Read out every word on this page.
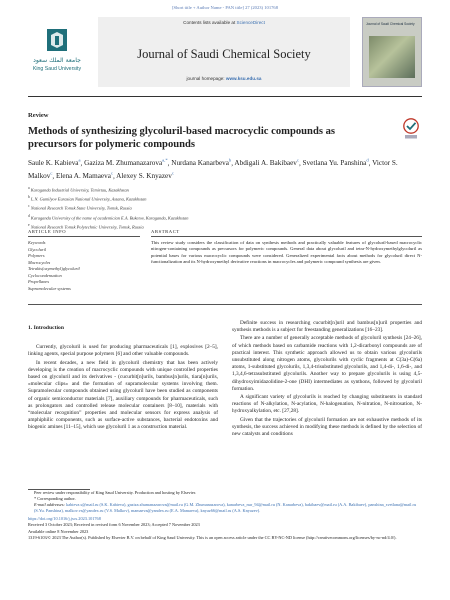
[Short title + Author Name - PAN title] 27 (2023) 101768
جامعة الملك سعود
King Saud University
Contents lists available at ScienceDirect
Journal of Saudi Chemical Society
journal homepage: www.ksu.edu.sa
Journal of Saudi Chemical Society
Review
Methods of synthesizing glycoluril-based macrocyclic compounds as precursors for polymeric compounds
Saule K. Kabieva$^a$, Gaziza M. Zhumanazarova$^{a,*}$, Nurdana Kanarbeva$^b$, Abdigali A. Bakibaev$^c$, Svetlana Yu. Panshina$^d$, Victor S. Malkov$^c$, Elena A. Mamaeva$^c$, Alexey S. Knyazev$^c$
$^a$ Karaganda Industrial University, Temirtau, Kazakhstan
$^b$ L.N. Gumilyov Eurasian National University, Astana, Kazakhstan
$^c$ National Research Tomsk State University, Tomsk, Russia
$^d$ Karaganda University of the name of academician E.A. Buketov, Karaganda, Kazakhstan
$^e$ National Research Tomsk Polytechnic University, Tomsk, Russia
ARTICLE INFO	ABSTRACT
Keywords
Glycoluril
Polymers
Macrocycles
Tetrakis(oxymethyl)glycoluril
Cyclocondensation
Propellanes
Supramolecular systems
This review study considers the classification of data on synthesis methods and practically valuable features of glycoluril-based macrocyclic nitrogen-containing compounds as precursors for polymeric compounds. General data about glycoluril and tetra-N-hydroxymethylglycoluril as potential bases for various macrocyclic compounds were considered. Generalized experimental facts about methods for glycoluril direct N-functionalization and its N-hydroxymethyl derivative reactions in macrocycles and polymeric compound synthesis are given.
1. Introduction

Currently, glycoluril is used for producing pharmaceuticals [1], explosives [2–5], linking agents, special purpose polymers [6] and other valuable compounds.

In recent decades, a new field in glycoluril chemistry that has been actively developing is the creation of macrocyclic compounds with unique controlled properties based on glycoluril and its derivatives - (cucurbit[n]urils, bambus[n]urils, tiara[n]urils, «molecular clips» and the formation of supramolecular systems involving them. Supramolecular compounds obtained using glycoluril have been studied as components of organic semiconductor materials [7], auxiliary compounds for pharmaceuticals, such as prolongators and controlled release molecular containers [8–10], materials with “molecular recognition” properties and molecular sensors for express analysis of amphiphilic components, such as surface-active substances, bacterial endotoxins and biogenic amines [11–15], which use glycoluril 1 as a construction material.

Definite success in researching cucurbit[n]uril and bambus[n]uril properties and synthesis methods is a subject for freestanding generalizations [16–23].

There are a number of generally acceptable methods of glycoluril synthesis [24–26], of which methods based on carbamide reactions with 1,2-dicarbonyl compounds are of practical interest. This synthetic approach allowed us to obtain various glycolurils unsubstituted along nitrogen atoms, glycolurils with cyclic fragments at C(3a)-C(6a) atoms, 1-substituted glycolurils, 1,3,4-trisubstituted glycolurils, and 1,4-di-, 1,6-di-, and 1,3,4,6-tetrasubstituted glycolurils. Another way to prepare glycolurils is using 4,5-dihydroxyimidazolidine-2-one (DHI) intermediates as synthons, followed by glycoluril formation.

A significant variety of glycolurils is reached by changing substituents in standard reactions of N-alkylation, N-acylation, N-halogenation, N-nitration, N-nitrosation, N-hydroxyalkylation, etc. [27,28].

Given that the trajectories of glycoluril formation are not exhaustive methods of its synthesis, the success achieved in modifying these methods is defined by the selection of new catalysts and conditions

Peer review under responsibility of King Saud University. Production and hosting by Elsevier.
* Corresponding author.
E-mail addresses: kabieva.s@mail.ru (S.K. Kabieva), gaziza.zhumanazarova@mail.ru (G.M. Zhumanazarova), kanarbeva_nur_94@mail.ru (N. Kanarbeva), bakibaev@mail.ru (A.A. Bakibaev), panshina_svetlana@mail.ru (S.Yu. Panshina), malkov.vs@yandex.ru (V.S. Malkov), mamaeva@yandex.ru (E.A. Mamaeva), knyaz66@mail.ru (A.S. Knyazev).
https://doi.org/10.1016/j.jscs.2023.101768
Received 3 October 2023; Received in revised form 6 November 2023; Accepted 7 November 2023
Available online 8 November 2023
1319-6103/© 2023 The Author(s). Published by Elsevier B.V. on behalf of King Saud University. This is an open access article under the CC BY-NC-ND license (http://creativecommons.org/licenses/by-nc-nd/4.0/).
